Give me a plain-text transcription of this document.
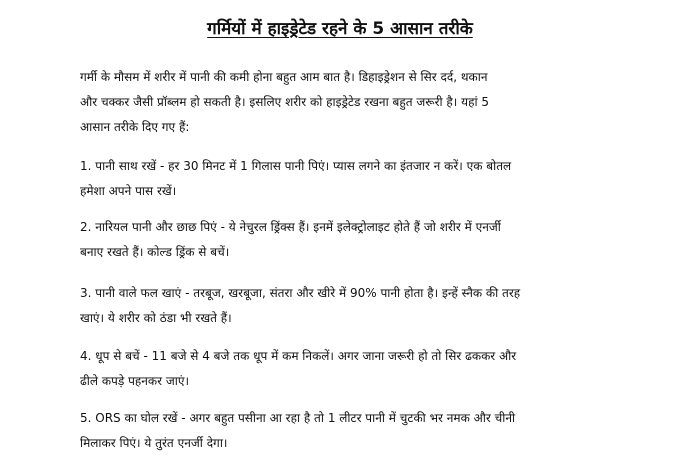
गर्मियों में हाइड्रेटेड रहने के 5 आसान तरीके
गर्मी के मौसम में शरीर में पानी की कमी होना बहुत आम बात है। डिहाइड्रेशन से सिर दर्द, थकान
और चक्कर जैसी प्रॉब्लम हो सकती है। इसलिए शरीर को हाइड्रेटेड रखना बहुत जरूरी है। यहां 5
आसान तरीके दिए गए हैं:
1. पानी साथ रखें - हर 30 मिनट में 1 गिलास पानी पिएं। प्यास लगने का इंतजार न करें। एक बोतल
हमेशा अपने पास रखें।
2. नारियल पानी और छाछ पिएं - ये नेचुरल ड्रिंक्स हैं। इनमें इलेक्ट्रोलाइट होते हैं जो शरीर में एनर्जी
बनाए रखते हैं। कोल्ड ड्रिंक से बचें।
3. पानी वाले फल खाएं - तरबूज, खरबूजा, संतरा और खीरे में 90% पानी होता है। इन्हें स्नैक की तरह
खाएं। ये शरीर को ठंडा भी रखते हैं।
4. धूप से बचें - 11 बजे से 4 बजे तक धूप में कम निकलें। अगर जाना जरूरी हो तो सिर ढककर और
ढीले कपड़े पहनकर जाएं।
5. ORS का घोल रखें - अगर बहुत पसीना आ रहा है तो 1 लीटर पानी में चुटकी भर नमक और चीनी
मिलाकर पिएं। ये तुरंत एनर्जी देगा।
